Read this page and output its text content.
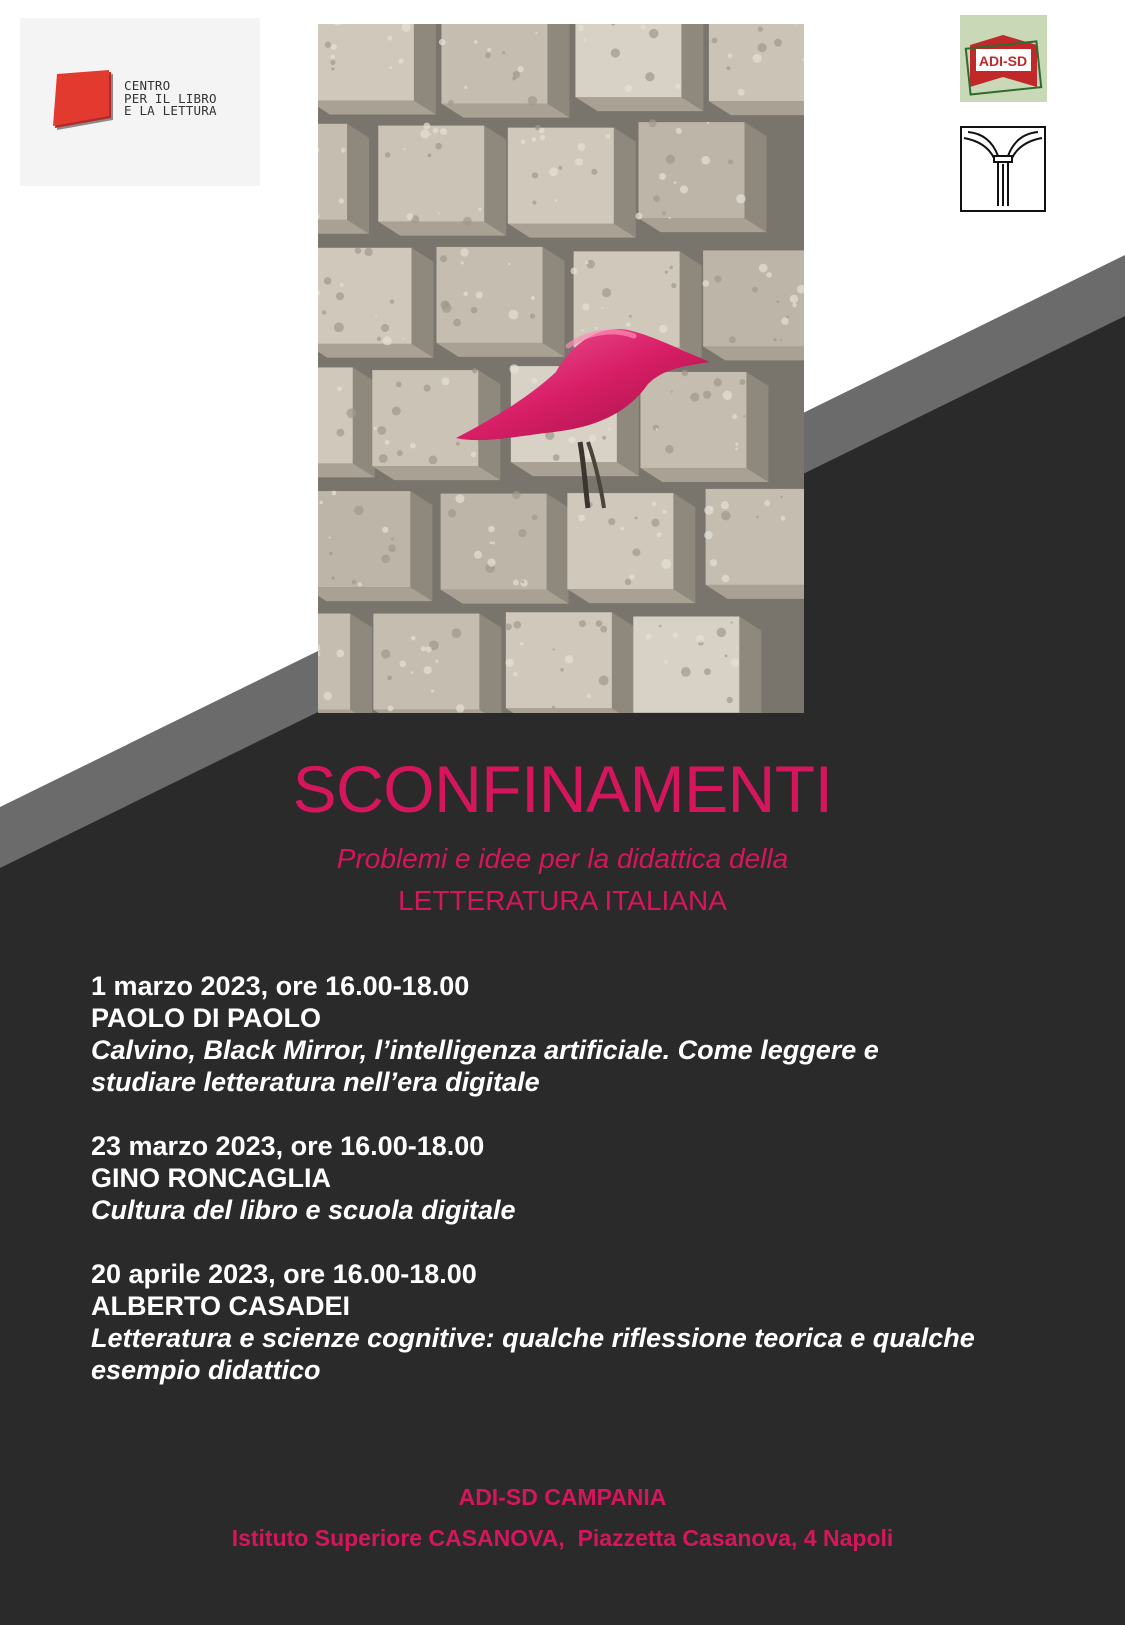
CENTRO
PER IL LIBRO
E LA LETTURA
ADI-SD
SCONFINAMENTI
Problemi e idee per la didattica della
LETTERATURA ITALIANA
1 marzo 2023, ore 16.00-18.00
PAOLO DI PAOLO
Calvino, Black Mirror, l’intelligenza artificiale. Come leggere e studiare letteratura nell’era digitale
23 marzo 2023, ore 16.00-18.00
GINO RONCAGLIA
Cultura del libro e scuola digitale
20 aprile 2023, ore 16.00-18.00
ALBERTO CASADEI
Letteratura e scienze cognitive: qualche riflessione teorica e qualche esempio didattico
ADI-SD CAMPANIA
Istituto Superiore CASANOVA,  Piazzetta Casanova, 4 Napoli
